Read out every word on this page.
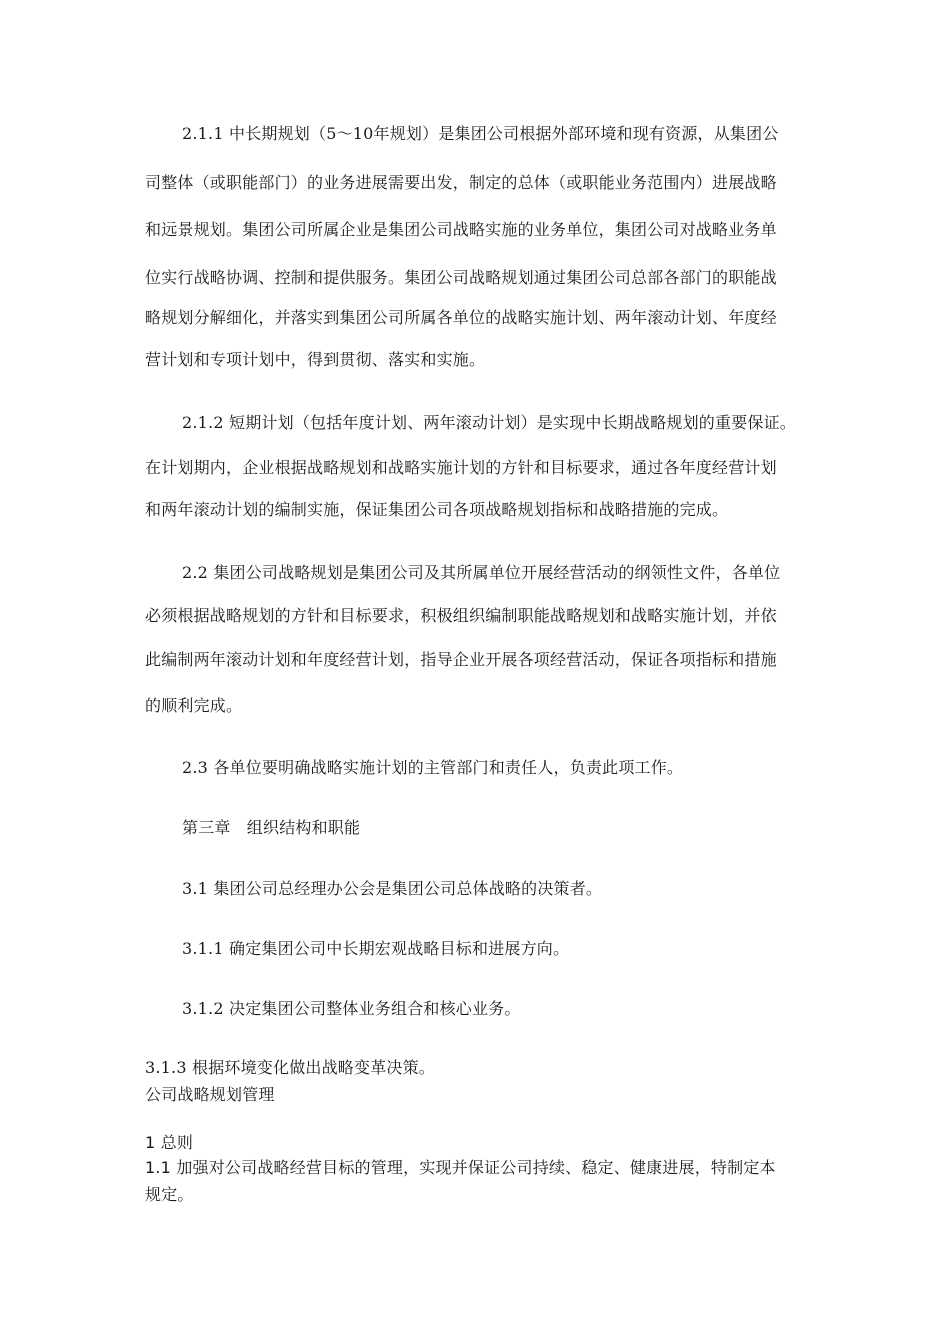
2.1.1 中长期规划（5～10年规划）是集团公司根据外部环境和现有资源，从集团公
司整体（或职能部门）的业务进展需要出发，制定的总体（或职能业务范围内）进展战略
和远景规划。集团公司所属企业是集团公司战略实施的业务单位，集团公司对战略业务单
位实行战略协调、控制和提供服务。集团公司战略规划通过集团公司总部各部门的职能战
略规划分解细化，并落实到集团公司所属各单位的战略实施计划、两年滚动计划、年度经
营计划和专项计划中，得到贯彻、落实和实施。
2.1.2 短期计划（包括年度计划、两年滚动计划）是实现中长期战略规划的重要保证。
在计划期内，企业根据战略规划和战略实施计划的方针和目标要求，通过各年度经营计划
和两年滚动计划的编制实施，保证集团公司各项战略规划指标和战略措施的完成。
2.2 集团公司战略规划是集团公司及其所属单位开展经营活动的纲领性文件，各单位
必须根据战略规划的方针和目标要求，积极组织编制职能战略规划和战略实施计划，并依
此编制两年滚动计划和年度经营计划，指导企业开展各项经营活动，保证各项指标和措施
的顺利完成。
2.3 各单位要明确战略实施计划的主管部门和责任人，负责此项工作。
第三章　组织结构和职能
3.1 集团公司总经理办公会是集团公司总体战略的决策者。
3.1.1 确定集团公司中长期宏观战略目标和进展方向。
3.1.2 决定集团公司整体业务组合和核心业务。
3.1.3 根据环境变化做出战略变革决策。
公司战略规划管理
1 总则
1.1 加强对公司战略经营目标的管理，实现并保证公司持续、稳定、健康进展，特制定本
规定。
